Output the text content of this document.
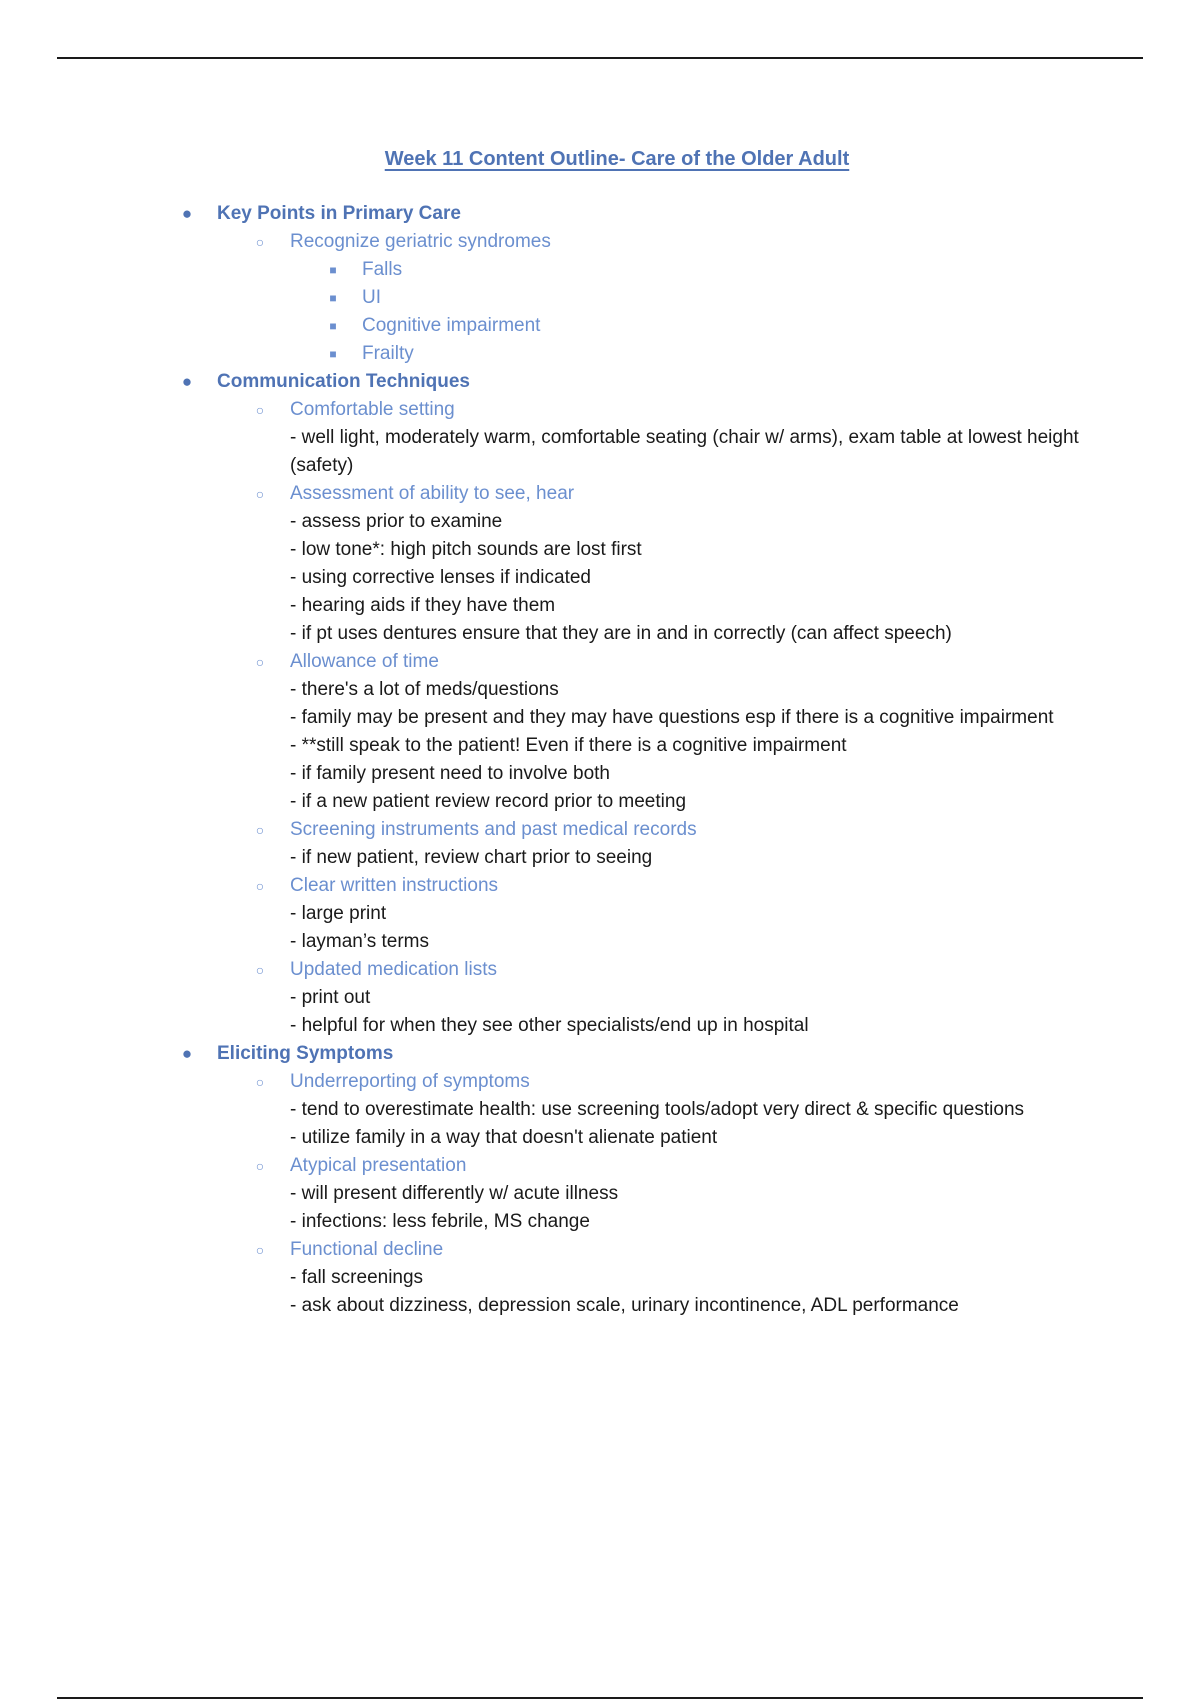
Week 11 Content Outline- Care of the Older Adult
● Key Points in Primary Care
○ Recognize geriatric syndromes
■ Falls
■ UI
■ Cognitive impairment
■ Frailty
● Communication Techniques
○ Comfortable setting
- well light, moderately warm, comfortable seating (chair w/ arms), exam table at lowest height (safety)
○ Assessment of ability to see, hear
- assess prior to examine
- low tone*: high pitch sounds are lost first
- using corrective lenses if indicated
- hearing aids if they have them
- if pt uses dentures ensure that they are in and in correctly (can affect speech)
○ Allowance of time
- there's a lot of meds/questions
- family may be present and they may have questions esp if there is a cognitive impairment
- **still speak to the patient! Even if there is a cognitive impairment
- if family present need to involve both
- if a new patient review record prior to meeting
○ Screening instruments and past medical records
- if new patient, review chart prior to seeing
○ Clear written instructions
- large print
- layman’s terms
○ Updated medication lists
- print out
- helpful for when they see other specialists/end up in hospital
● Eliciting Symptoms
○ Underreporting of symptoms
- tend to overestimate health: use screening tools/adopt very direct & specific questions
- utilize family in a way that doesn't alienate patient
○ Atypical presentation
- will present differently w/ acute illness
- infections: less febrile, MS change
○ Functional decline
- fall screenings
- ask about dizziness, depression scale, urinary incontinence, ADL performance
